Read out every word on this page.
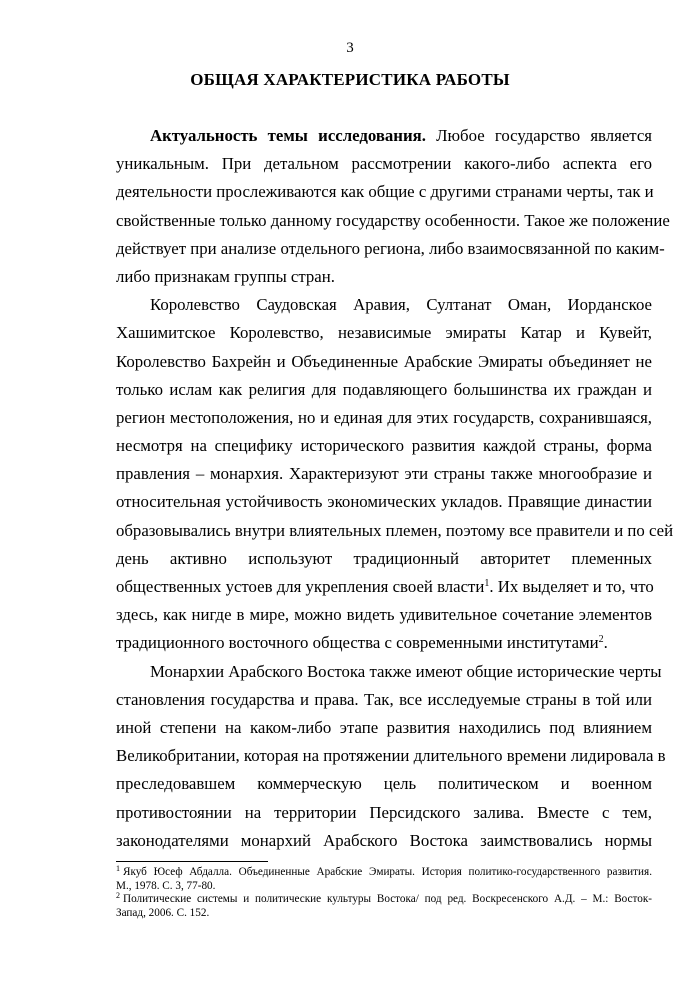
3
ОБЩАЯ ХАРАКТЕРИСТИКА РАБОТЫ
Актуальность темы исследования. Любое государство является
уникальным. При детальном рассмотрении какого-либо аспекта его
деятельности прослеживаются как общие с другими странами черты, так и
свойственные только данному государству особенности. Такое же положение
действует при анализе отдельного региона, либо взаимосвязанной по каким-
либо признакам группы стран.
Королевство Саудовская Аравия, Султанат Оман, Иорданское
Хашимитское Королевство, независимые эмираты Катар и Кувейт,
Королевство Бахрейн и Объединенные Арабские Эмираты объединяет не
только ислам как религия для подавляющего большинства их граждан и
регион местоположения, но и единая для этих государств, сохранившаяся,
несмотря на специфику исторического развития каждой страны, форма
правления – монархия. Характеризуют эти страны также многообразие и
относительная устойчивость экономических укладов. Правящие династии
образовывались внутри влиятельных племен, поэтому все правители и по сей
день активно используют традиционный авторитет племенных
общественных устоев для укрепления своей власти$^1$. Их выделяет и то, что
здесь, как нигде в мире, можно видеть удивительное сочетание элементов
традиционного восточного общества с современными институтами$^2$.
Монархии Арабского Востока также имеют общие исторические черты
становления государства и права. Так, все исследуемые страны в той или
иной степени на каком-либо этапе развития находились под влиянием
Великобритании, которая на протяжении длительного времени лидировала в
преследовавшем коммерческую цель политическом и военном
противостоянии на территории Персидского залива. Вместе с тем,
законодателями монархий Арабского Востока заимствовались нормы
$^1$ Якуб Юсеф Абдалла. Объединенные Арабские Эмираты. История политико-государственного развития.
М., 1978. С. 3, 77-80.
$^2$ Политические системы и политические культуры Востока/ под ред. Воскресенского А.Д. – М.: Восток-
Запад, 2006. С. 152.
